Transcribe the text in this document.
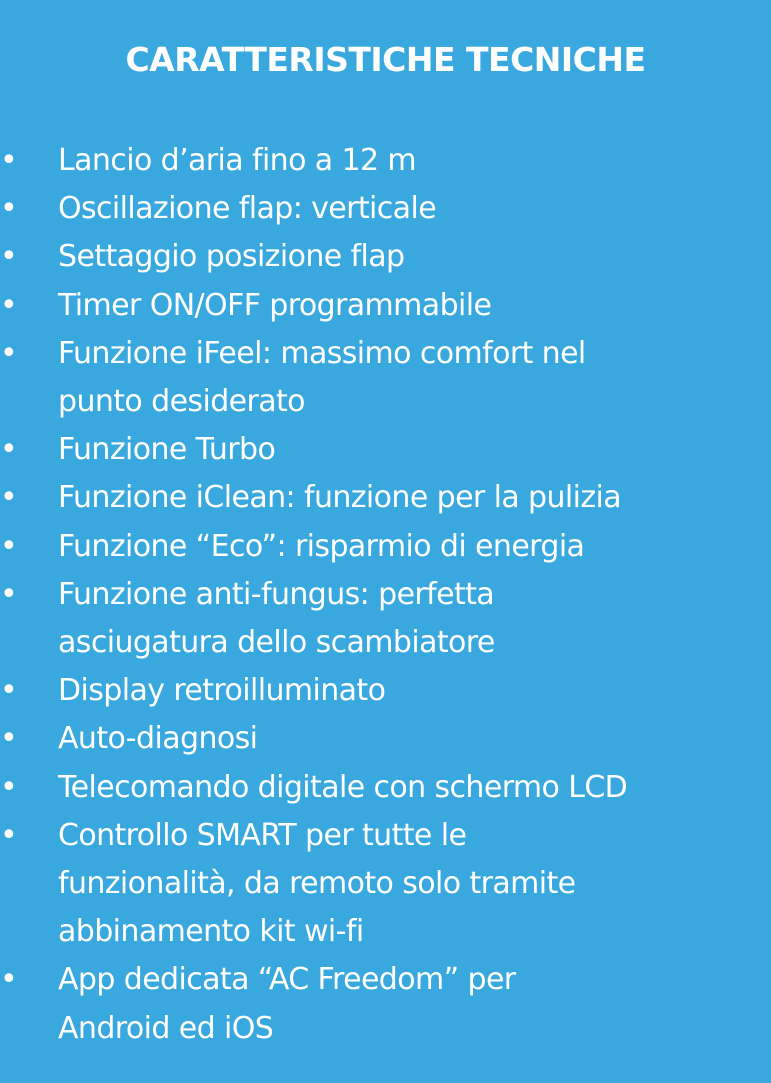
CARATTERISTICHE TECNICHE
• Lancio d’aria fino a 12 m
• Oscillazione flap: verticale
• Settaggio posizione flap
• Timer ON/OFF programmabile
• Funzione iFeel: massimo comfort nel
punto desiderato
• Funzione Turbo
• Funzione iClean: funzione per la pulizia
• Funzione “Eco”: risparmio di energia
• Funzione anti-fungus: perfetta
asciugatura dello scambiatore
• Display retroilluminato
• Auto-diagnosi
• Telecomando digitale con schermo LCD
• Controllo SMART per tutte le
funzionalità, da remoto solo tramite
abbinamento kit wi-fi
• App dedicata “AC Freedom” per
Android ed iOS
